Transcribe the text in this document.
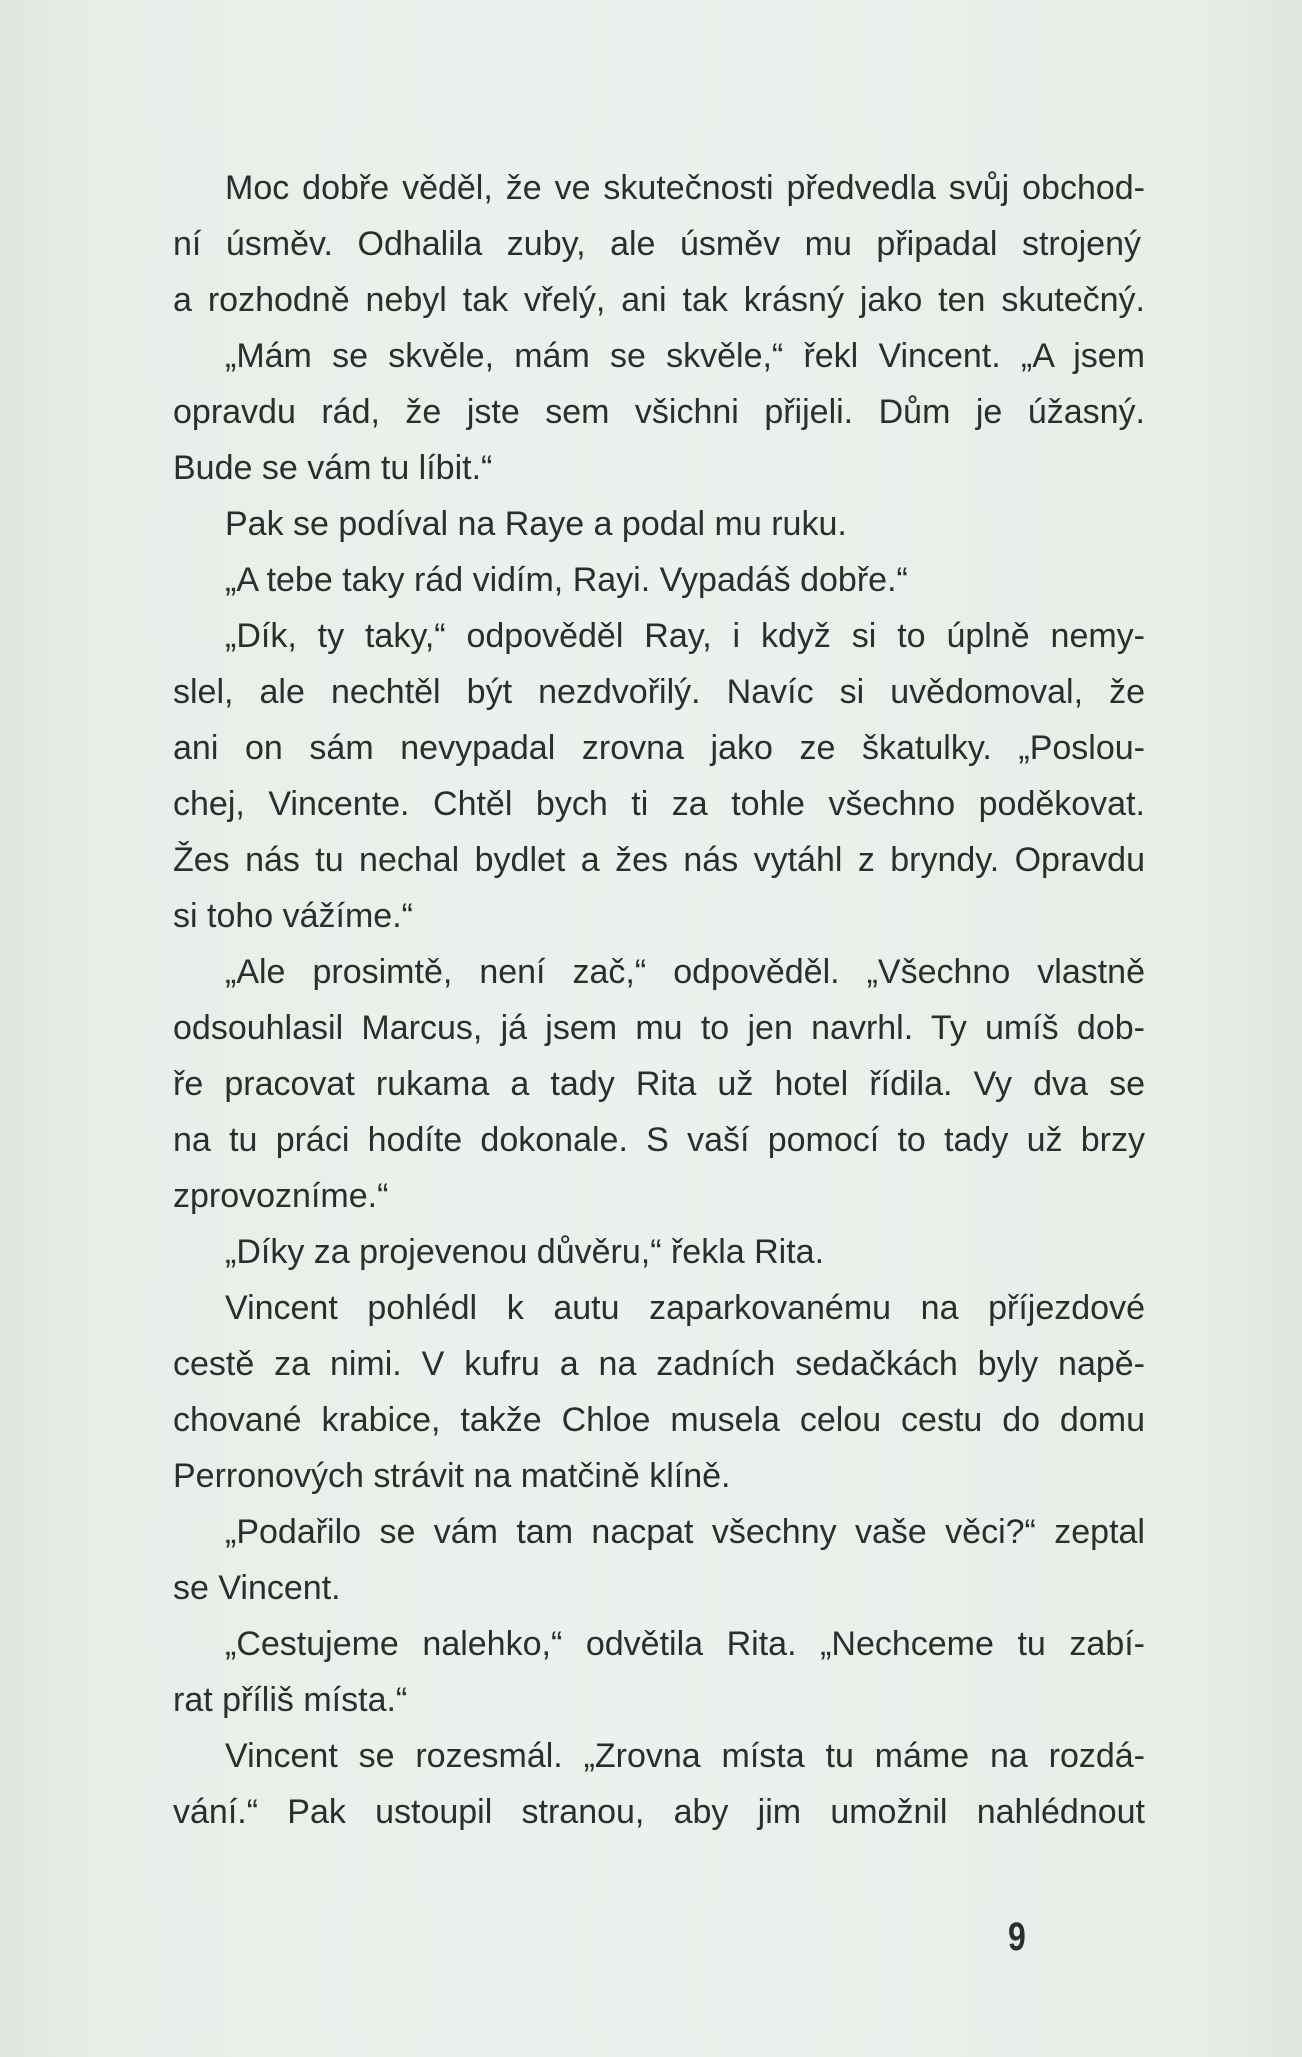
Moc dobře věděl, že ve skutečnosti předvedla svůj obchod-
ní úsměv. Odhalila zuby, ale úsměv mu připadal strojený
a rozhodně nebyl tak vřelý, ani tak krásný jako ten skutečný.
„Mám se skvěle, mám se skvěle,“ řekl Vincent. „A jsem
opravdu rád, že jste sem všichni přijeli. Dům je úžasný.
Bude se vám tu líbit.“
Pak se podíval na Raye a podal mu ruku.
„A tebe taky rád vidím, Rayi. Vypadáš dobře.“
„Dík, ty taky,“ odpověděl Ray, i když si to úplně nemy-
slel, ale nechtěl být nezdvořilý. Navíc si uvědomoval, že
ani on sám nevypadal zrovna jako ze škatulky. „Poslou-
chej, Vincente. Chtěl bych ti za tohle všechno poděkovat.
Žes nás tu nechal bydlet a žes nás vytáhl z bryndy. Opravdu
si toho vážíme.“
„Ale prosimtě, není zač,“ odpověděl. „Všechno vlastně
odsouhlasil Marcus, já jsem mu to jen navrhl. Ty umíš dob-
ře pracovat rukama a tady Rita už hotel řídila. Vy dva se
na tu práci hodíte dokonale. S vaší pomocí to tady už brzy
zprovozníme.“
„Díky za projevenou důvěru,“ řekla Rita.
Vincent pohlédl k autu zaparkovanému na příjezdové
cestě za nimi. V kufru a na zadních sedačkách byly napě-
chované krabice, takže Chloe musela celou cestu do domu
Perronových strávit na matčině klíně.
„Podařilo se vám tam nacpat všechny vaše věci?“ zeptal
se Vincent.
„Cestujeme nalehko,“ odvětila Rita. „Nechceme tu zabí-
rat příliš místa.“
Vincent se rozesmál. „Zrovna místa tu máme na rozdá-
vání.“ Pak ustoupil stranou, aby jim umožnil nahlédnout
9
